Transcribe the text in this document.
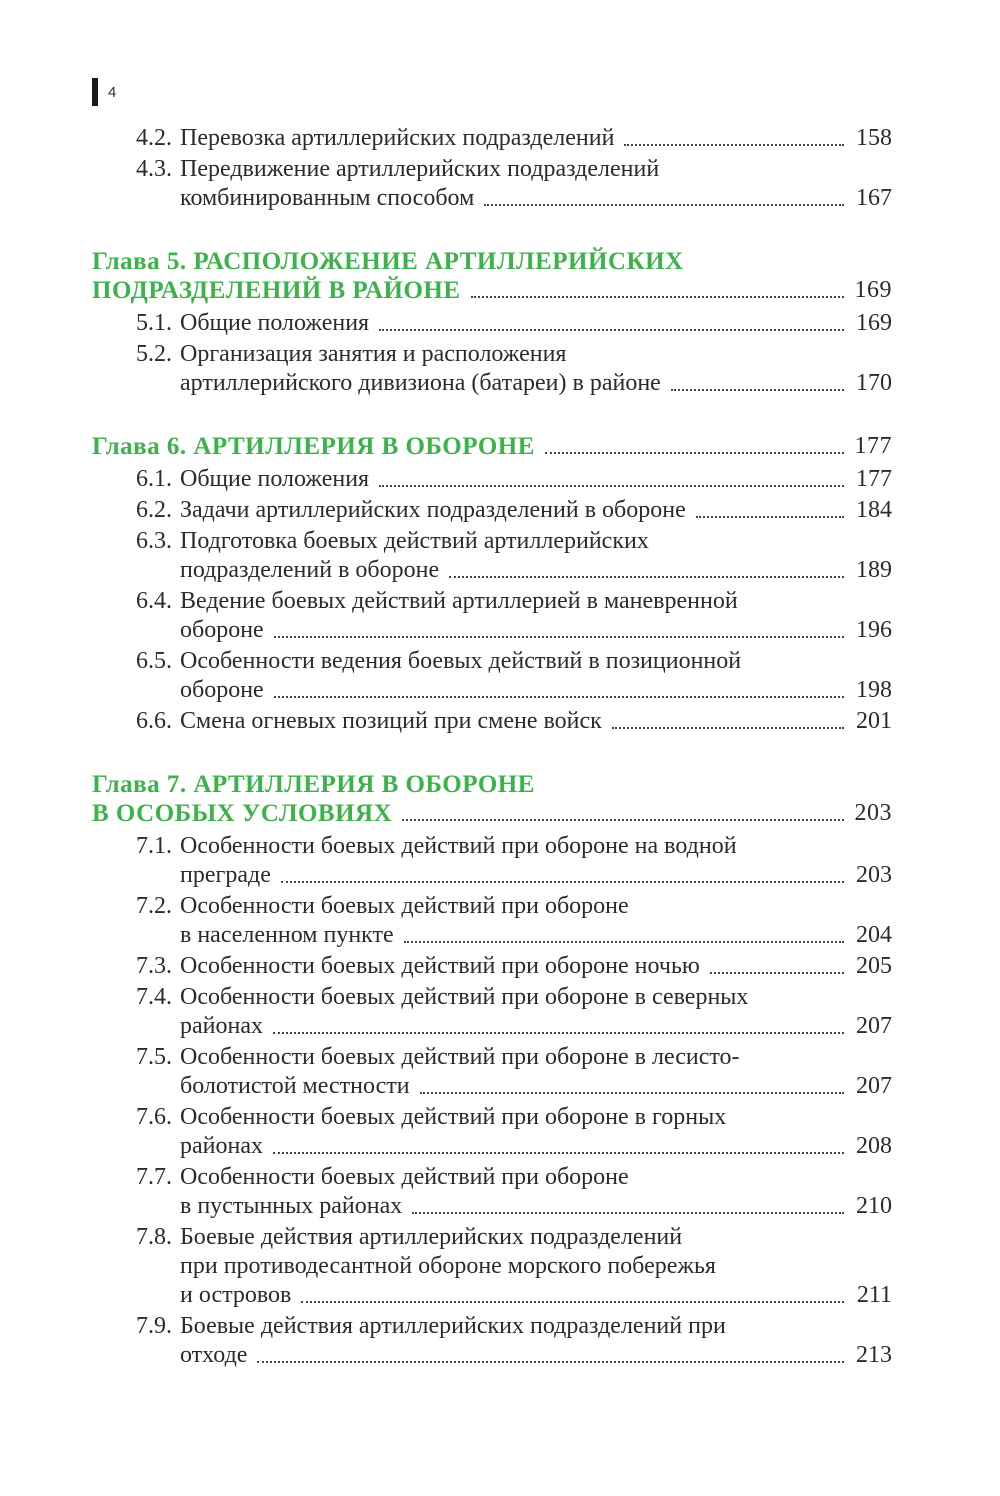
4
4.2. Перевозка артиллерийских подразделений	158
4.3. Передвижение артиллерийских подразделений
комбинированным способом	167
Глава 5. РАСПОЛОЖЕНИЕ АРТИЛЛЕРИЙСКИХ
ПОДРАЗДЕЛЕНИЙ В РАЙОНЕ	169
5.1. Общие положения	169
5.2. Организация занятия и расположения
артиллерийского дивизиона (батареи) в районе	170
Глава 6. АРТИЛЛЕРИЯ В ОБОРОНЕ	177
6.1. Общие положения	177
6.2. Задачи артиллерийских подразделений в обороне	184
6.3. Подготовка боевых действий артиллерийских
подразделений в обороне	189
6.4. Ведение боевых действий артиллерией в маневренной
обороне	196
6.5. Особенности ведения боевых действий в позиционной
обороне	198
6.6. Смена огневых позиций при смене войск	201
Глава 7. АРТИЛЛЕРИЯ В ОБОРОНЕ
В ОСОБЫХ УСЛОВИЯХ	203
7.1. Особенности боевых действий при обороне на водной
преграде	203
7.2. Особенности боевых действий при обороне
в населенном пункте	204
7.3. Особенности боевых действий при обороне ночью	205
7.4. Особенности боевых действий при обороне в северных
районах	207
7.5. Особенности боевых действий при обороне в лесисто-
болотистой местности	207
7.6. Особенности боевых действий при обороне в горных
районах	208
7.7. Особенности боевых действий при обороне
в пустынных районах	210
7.8. Боевые действия артиллерийских подразделений
при противодесантной обороне морского побережья
и островов	211
7.9. Боевые действия артиллерийских подразделений при
отходе	213
